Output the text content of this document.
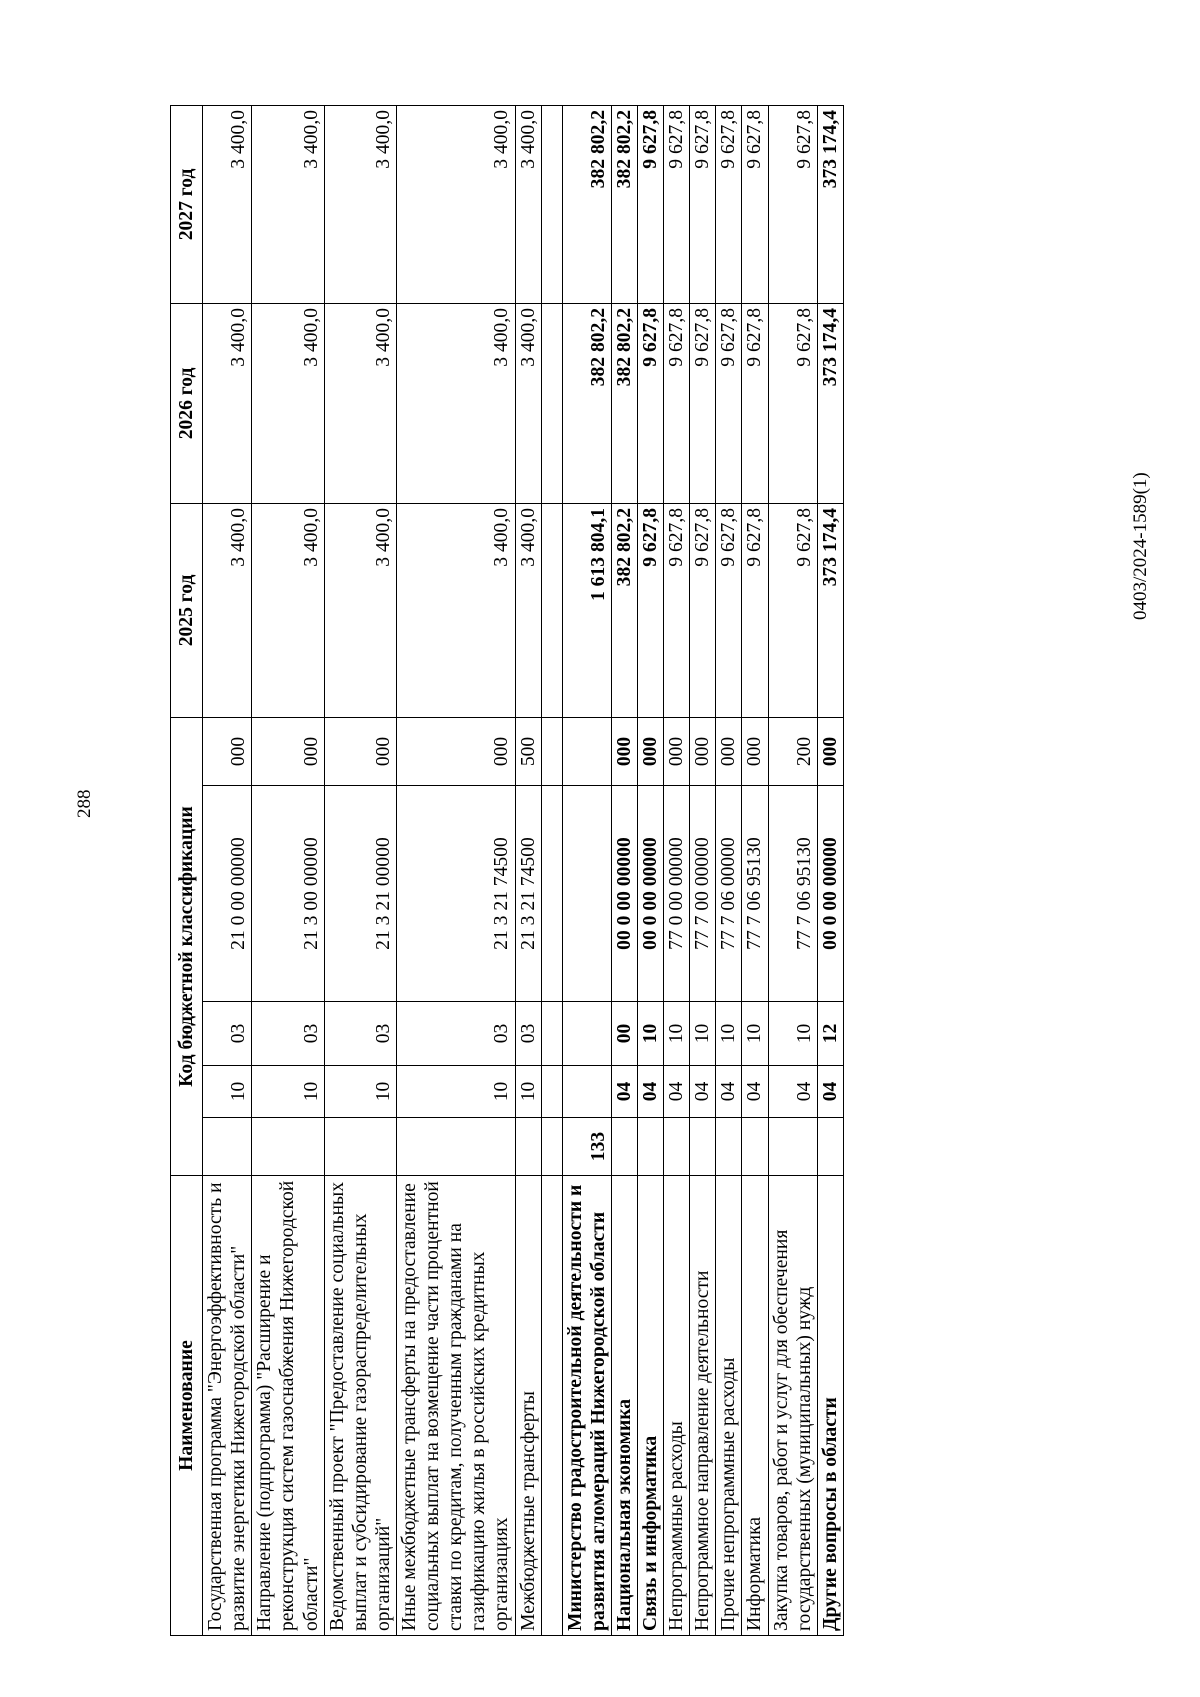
288
Наименование	Код бюджетной классификации					2025 год	2026 год	2027 год
Государственная программа "Энергоэффективность и развитие энергетики Нижегородской области"		10	03	21 0 00 00000	000	3 400,0	3 400,0	3 400,0
Направление (подпрограмма) "Расширение и реконструкция систем газоснабжения Нижегородской области"		10	03	21 3 00 00000	000	3 400,0	3 400,0	3 400,0
Ведомственный проект "Предоставление социальных выплат и субсидирование газораспределительных организаций"		10	03	21 3 21 00000	000	3 400,0	3 400,0	3 400,0
Иные межбюджетные трансферты на предоставление социальных выплат на возмещение части процентной ставки по кредитам, полученным гражданами на газификацию жилья в российских кредитных организациях		10	03	21 3 21 74500	000	3 400,0	3 400,0	3 400,0
Межбюджетные трансферты		10	03	21 3 21 74500	500	3 400,0	3 400,0	3 400,0

Министерство градостроительной деятельности и развития агломераций Нижегородской области	133					1 613 804,1	382 802,2	382 802,2
Национальная экономика		04	00	00 0 00 00000	000	382 802,2	382 802,2	382 802,2
Связь и информатика		04	10	00 0 00 00000	000	9 627,8	9 627,8	9 627,8
Непрограммные расходы		04	10	77 0 00 00000	000	9 627,8	9 627,8	9 627,8
Непрограммное направление деятельности		04	10	77 7 00 00000	000	9 627,8	9 627,8	9 627,8
Прочие непрограммные расходы		04	10	77 7 06 00000	000	9 627,8	9 627,8	9 627,8
Информатика		04	10	77 7 06 95130	000	9 627,8	9 627,8	9 627,8
Закупка товаров, работ и услуг для обеспечения государственных (муниципальных) нужд		04	10	77 7 06 95130	200	9 627,8	9 627,8	9 627,8
Другие вопросы в области		04	12	00 0 00 00000	000	373 174,4	373 174,4	373 174,4
0403/2024-1589(1)
